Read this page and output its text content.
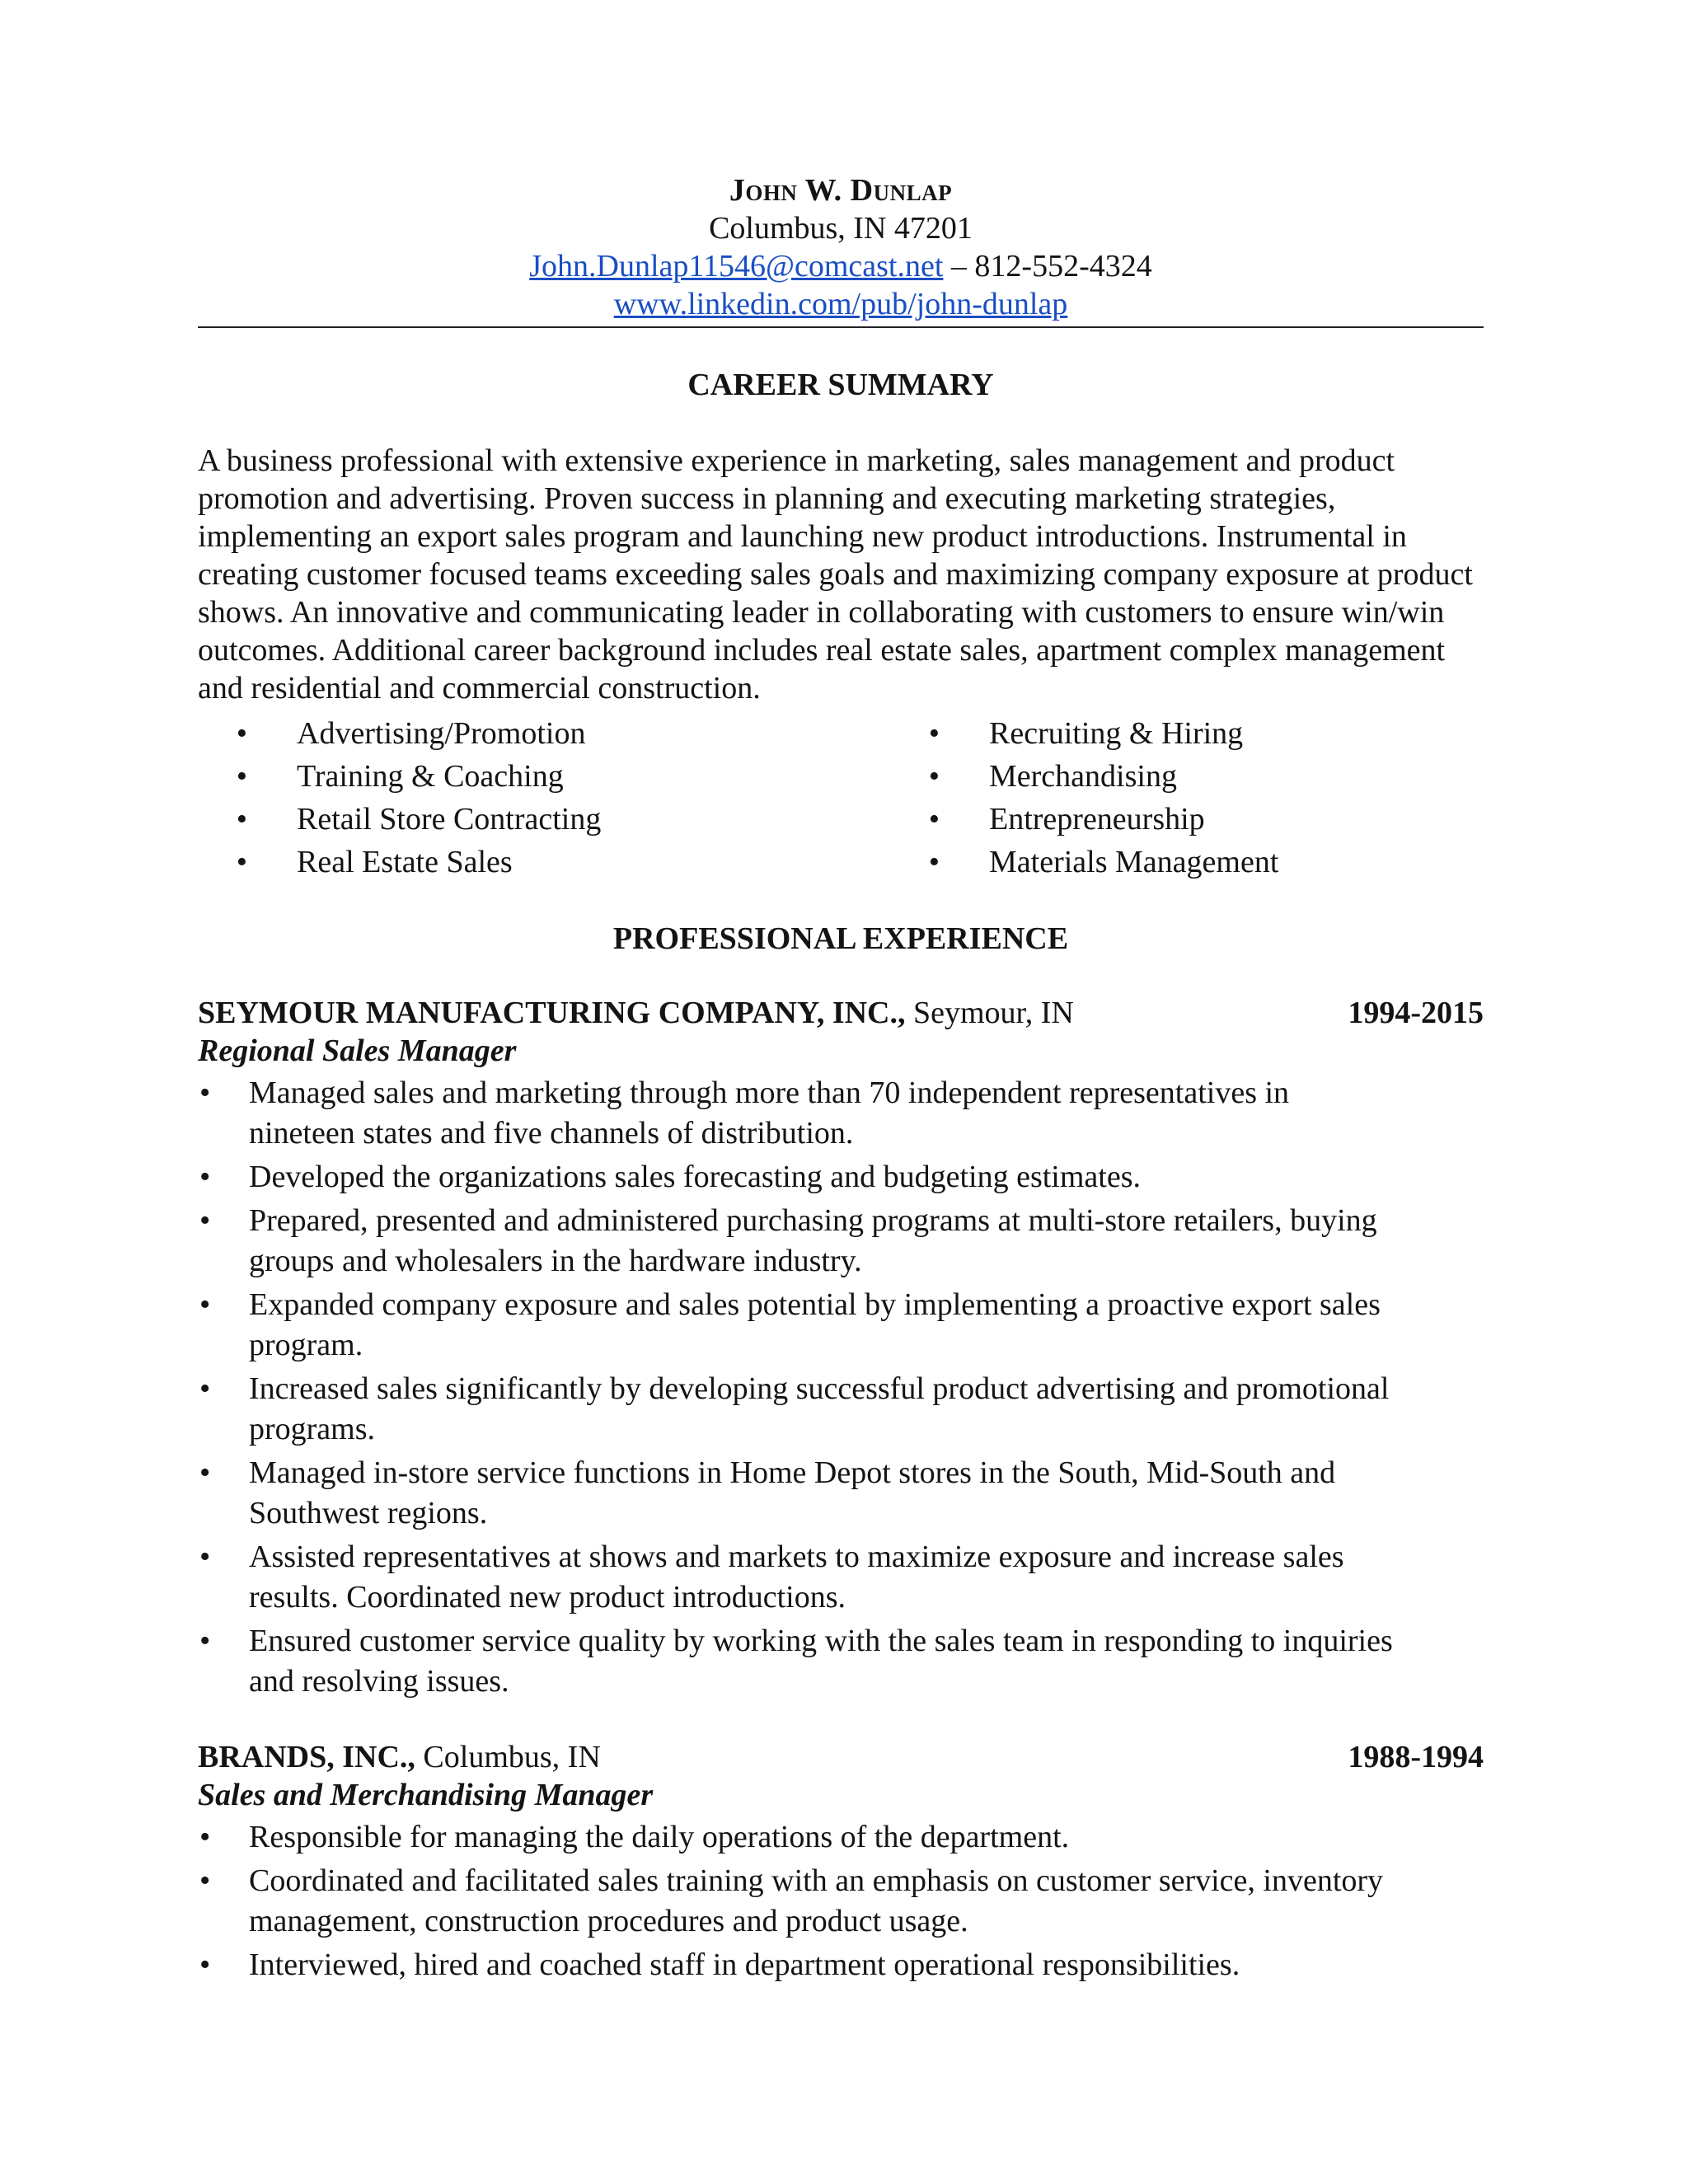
John W. Dunlap
Columbus, IN 47201
John.Dunlap11546@comcast.net – 812-552-4324
www.linkedin.com/pub/john-dunlap
CAREER SUMMARY

A business professional with extensive experience in marketing, sales management and product promotion and advertising. Proven success in planning and executing marketing strategies, implementing an export sales program and launching new product introductions. Instrumental in creating customer focused teams exceeding sales goals and maximizing company exposure at product shows. An innovative and communicating leader in collaborating with customers to ensure win/win outcomes. Additional career background includes real estate sales, apartment complex management and residential and commercial construction.

•	Advertising/Promotion
•	Training & Coaching
•	Retail Store Contracting
•	Real Estate Sales
•	Recruiting & Hiring
•	Merchandising
•	Entrepreneurship
•	Materials Management
PROFESSIONAL EXPERIENCE
SEYMOUR MANUFACTURING COMPANY, INC., Seymour, IN	1994-2015
Regional Sales Manager
•	Managed sales and marketing through more than 70 independent representatives in nineteen states and five channels of distribution.
•	Developed the organizations sales forecasting and budgeting estimates.
•	Prepared, presented and administered purchasing programs at multi-store retailers, buying groups and wholesalers in the hardware industry.
•	Expanded company exposure and sales potential by implementing a proactive export sales program.
•	Increased sales significantly by developing successful product advertising and promotional programs.
•	Managed in-store service functions in Home Depot stores in the South, Mid-South and Southwest regions.
•	Assisted representatives at shows and markets to maximize exposure and increase sales results. Coordinated new product introductions.
•	Ensured customer service quality by working with the sales team in responding to inquiries and resolving issues.
BRANDS, INC., Columbus, IN	1988-1994
Sales and Merchandising Manager
•	Responsible for managing the daily operations of the department.
•	Coordinated and facilitated sales training with an emphasis on customer service, inventory management, construction procedures and product usage.
•	Interviewed, hired and coached staff in department operational responsibilities.
